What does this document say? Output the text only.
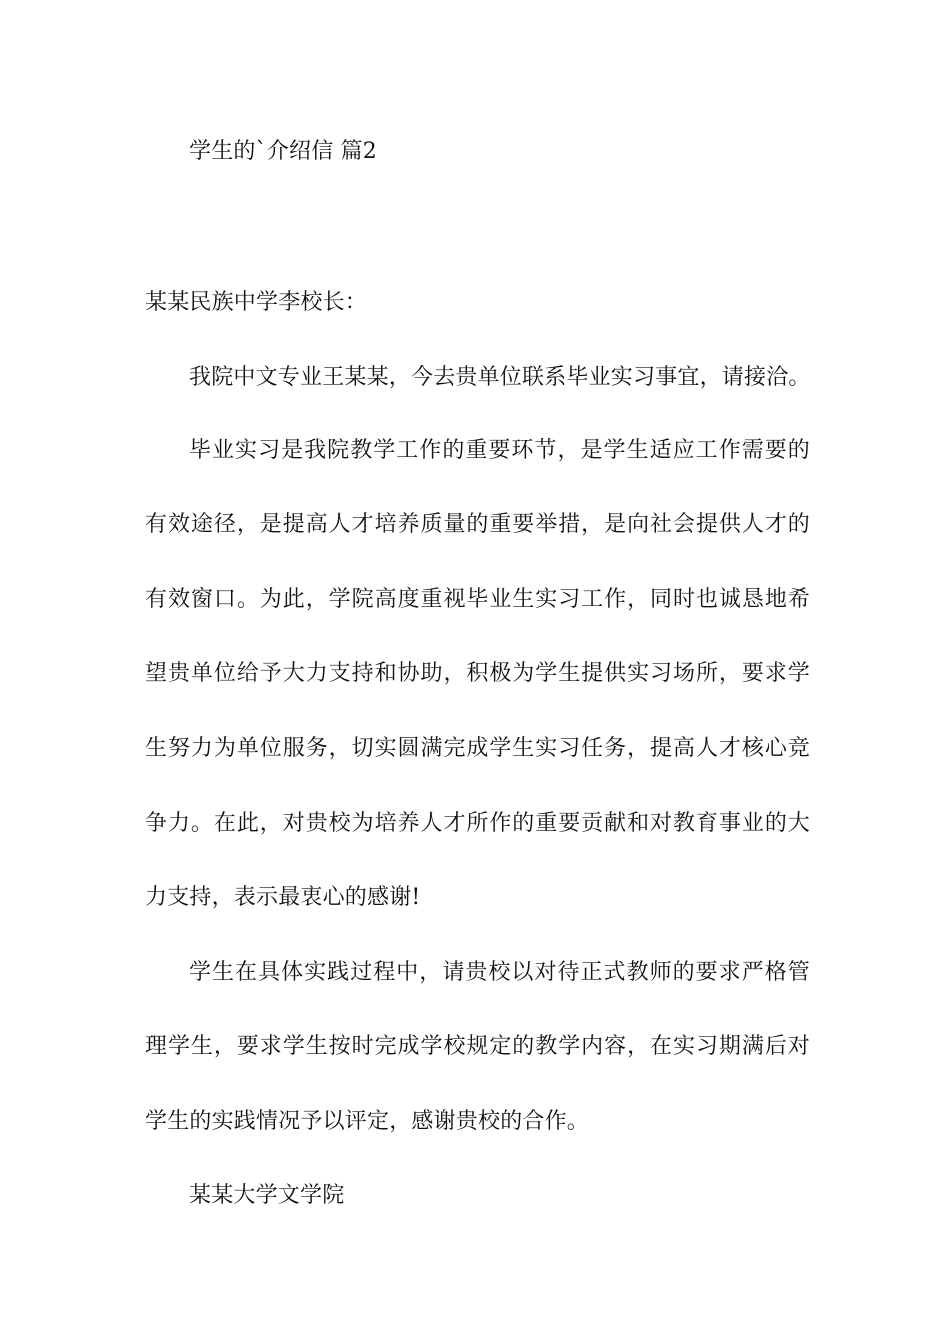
学生的`介绍信 篇2
某某民族中学李校长：
我院中文专业王某某，今去贵单位联系毕业实习事宜，请接洽。
毕业实习是我院教学工作的重要环节，是学生适应工作需要的
有效途径，是提高人才培养质量的重要举措，是向社会提供人才的
有效窗口。为此，学院高度重视毕业生实习工作，同时也诚恳地希
望贵单位给予大力支持和协助，积极为学生提供实习场所，要求学
生努力为单位服务，切实圆满完成学生实习任务，提高人才核心竞
争力。在此，对贵校为培养人才所作的重要贡献和对教育事业的大
力支持，表示最衷心的感谢!
学生在具体实践过程中，请贵校以对待正式教师的要求严格管
理学生，要求学生按时完成学校规定的教学内容，在实习期满后对
学生的实践情况予以评定，感谢贵校的合作。
某某大学文学院
